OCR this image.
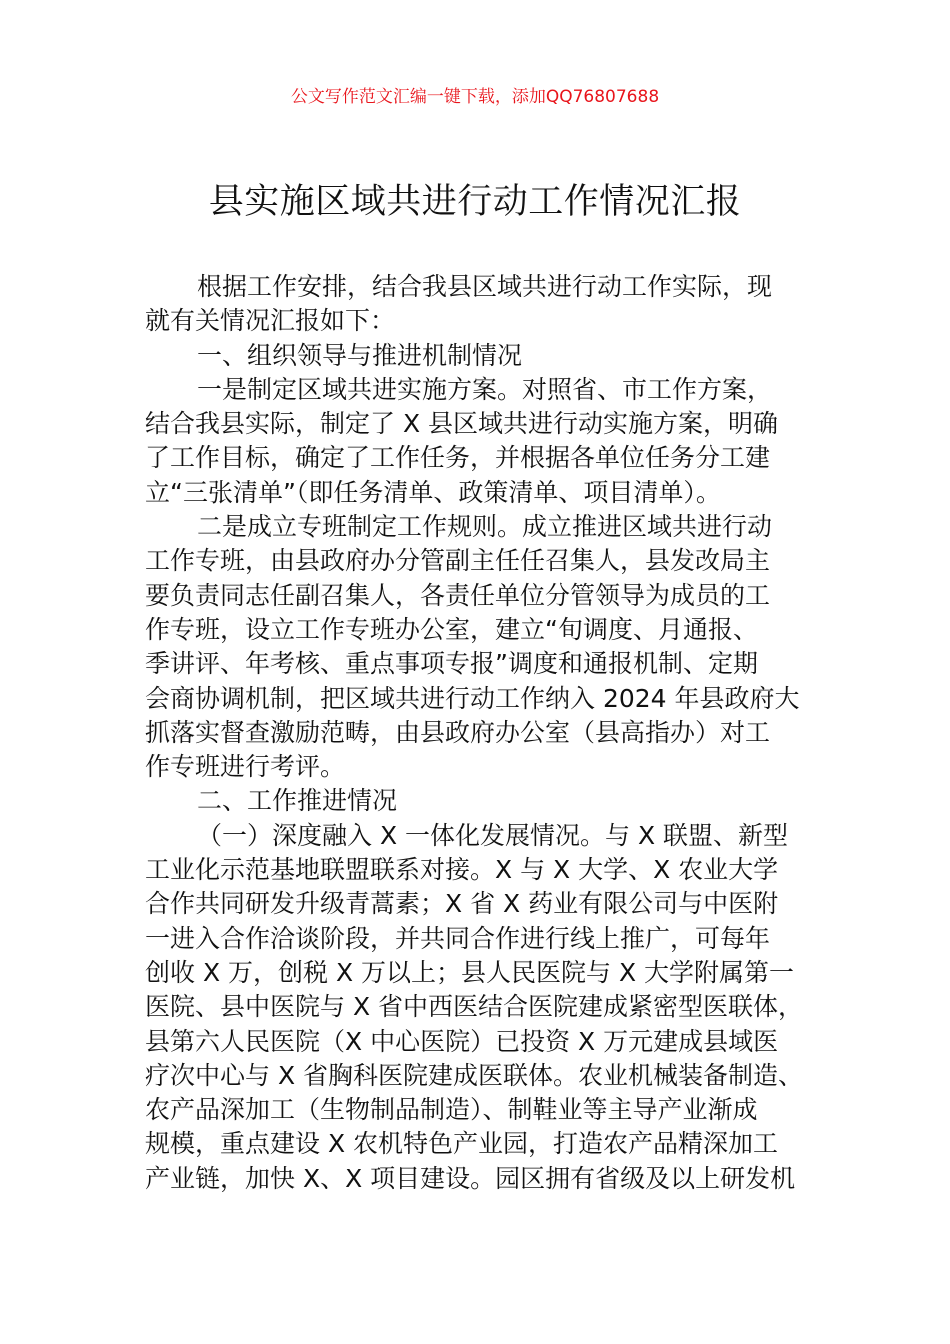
公文写作范文汇编一键下载，添加QQ76807688
县实施区域共进行动工作情况汇报
根据工作安排，结合我县区域共进行动工作实际，现
就有关情况汇报如下：
一、组织领导与推进机制情况
一是制定区域共进实施方案。对照省、市工作方案，
结合我县实际，制定了 X 县区域共进行动实施方案，明确
了工作目标，确定了工作任务，并根据各单位任务分工建
立“三张清单”（即任务清单、政策清单、项目清单）。
二是成立专班制定工作规则。成立推进区域共进行动
工作专班，由县政府办分管副主任任召集人，县发改局主
要负责同志任副召集人，各责任单位分管领导为成员的工
作专班，设立工作专班办公室，建立“旬调度、月通报、
季讲评、年考核、重点事项专报”调度和通报机制、定期
会商协调机制，把区域共进行动工作纳入 2024 年县政府大
抓落实督查激励范畴，由县政府办公室（县高指办）对工
作专班进行考评。
二、工作推进情况
（一）深度融入 X 一体化发展情况。与 X 联盟、新型
工业化示范基地联盟联系对接。X 与 X 大学、X 农业大学
合作共同研发升级青蒿素；X 省 X 药业有限公司与中医附
一进入合作洽谈阶段，并共同合作进行线上推广，可每年
创收 X 万，创税 X 万以上；县人民医院与 X 大学附属第一
医院、县中医院与 X 省中西医结合医院建成紧密型医联体，
县第六人民医院（X 中心医院）已投资 X 万元建成县域医
疗次中心与 X 省胸科医院建成医联体。农业机械装备制造、
农产品深加工（生物制品制造）、制鞋业等主导产业渐成
规模，重点建设 X 农机特色产业园，打造农产品精深加工
产业链，加快 X、X 项目建设。园区拥有省级及以上研发机
